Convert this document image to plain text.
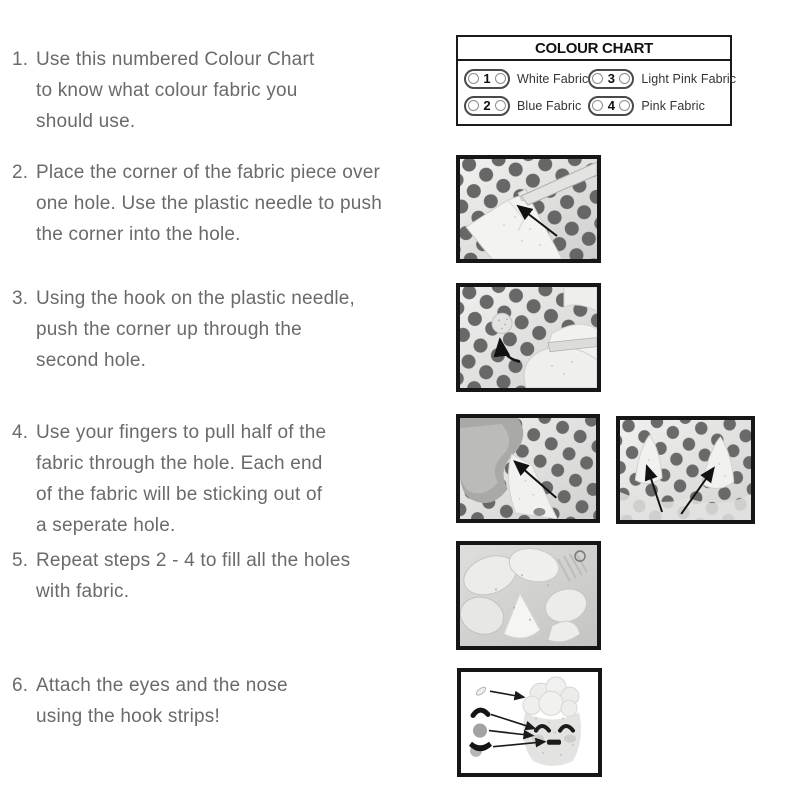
1. Use this numbered Colour Chart
to know what colour fabric you
should use.
2. Place the corner of the fabric piece over
one hole. Use the plastic needle to push
the corner into the hole.
3. Using the hook on the plastic needle,
push the corner up through the
second hole.
4. Use your fingers to pull half of the
fabric through the hole. Each end
of the fabric will be sticking out of
a seperate hole.
5. Repeat steps 2 - 4 to fill all the holes
with fabric.
6. Attach the eyes and the nose
using the hook strips!
COLOUR CHART
1 White Fabric
2 Blue Fabric
3 Light Pink Fabric
4 Pink Fabric
